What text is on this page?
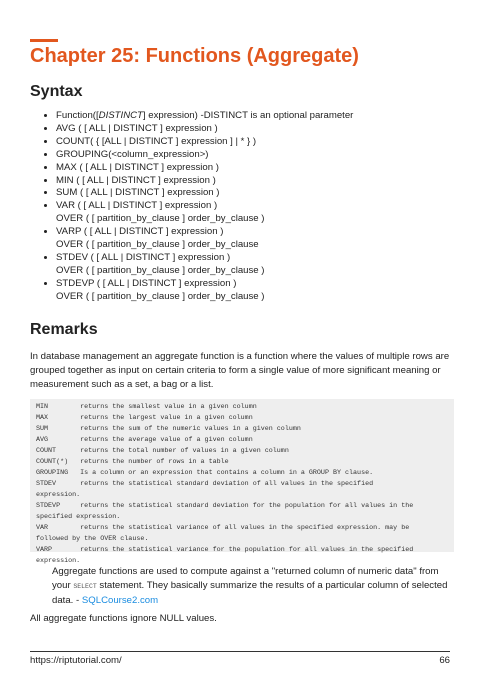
Chapter 25: Functions (Aggregate)
Syntax
• Function([DISTINCT] expression) -DISTINCT is an optional parameter
• AVG ( [ ALL | DISTINCT ] expression )
• COUNT( { [ALL | DISTINCT ] expression ] | * } )
• GROUPING(<column_expression>)
• MAX ( [ ALL | DISTINCT ] expression )
• MIN ( [ ALL | DISTINCT ] expression )
• SUM ( [ ALL | DISTINCT ] expression )
• VAR ( [ ALL | DISTINCT ] expression )
OVER ( [ partition_by_clause ] order_by_clause )
• VARP ( [ ALL | DISTINCT ] expression )
OVER ( [ partition_by_clause ] order_by_clause
• STDEV ( [ ALL | DISTINCT ] expression )
OVER ( [ partition_by_clause ] order_by_clause )
• STDEVP ( [ ALL | DISTINCT ] expression )
OVER ( [ partition_by_clause ] order_by_clause )
Remarks

In database management an aggregate function is a function where the values of multiple rows are grouped together as input on certain criteria to form a single value of more significant meaning or measurement such as a set, a bag or a list.

MIN        returns the smallest value in a given column
MAX        returns the largest value in a given column
SUM        returns the sum of the numeric values in a given column
AVG        returns the average value of a given column
COUNT      returns the total number of values in a given column
COUNT(*)   returns the number of rows in a table
GROUPING   Is a column or an expression that contains a column in a GROUP BY clause.
STDEV      returns the statistical standard deviation of all values in the specified
expression.
STDEVP     returns the statistical standard deviation for the population for all values in the
specified expression.
VAR        returns the statistical variance of all values in the specified expression. may be
followed by the OVER clause.
VARP       returns the statistical variance for the population for all values in the specified
expression.

Aggregate functions are used to compute against a "returned column of numeric data" from your SELECT statement. They basically summarize the results of a particular column of selected data. - SQLCourse2.com

All aggregate functions ignore NULL values.

https://riptutorial.com/	66
